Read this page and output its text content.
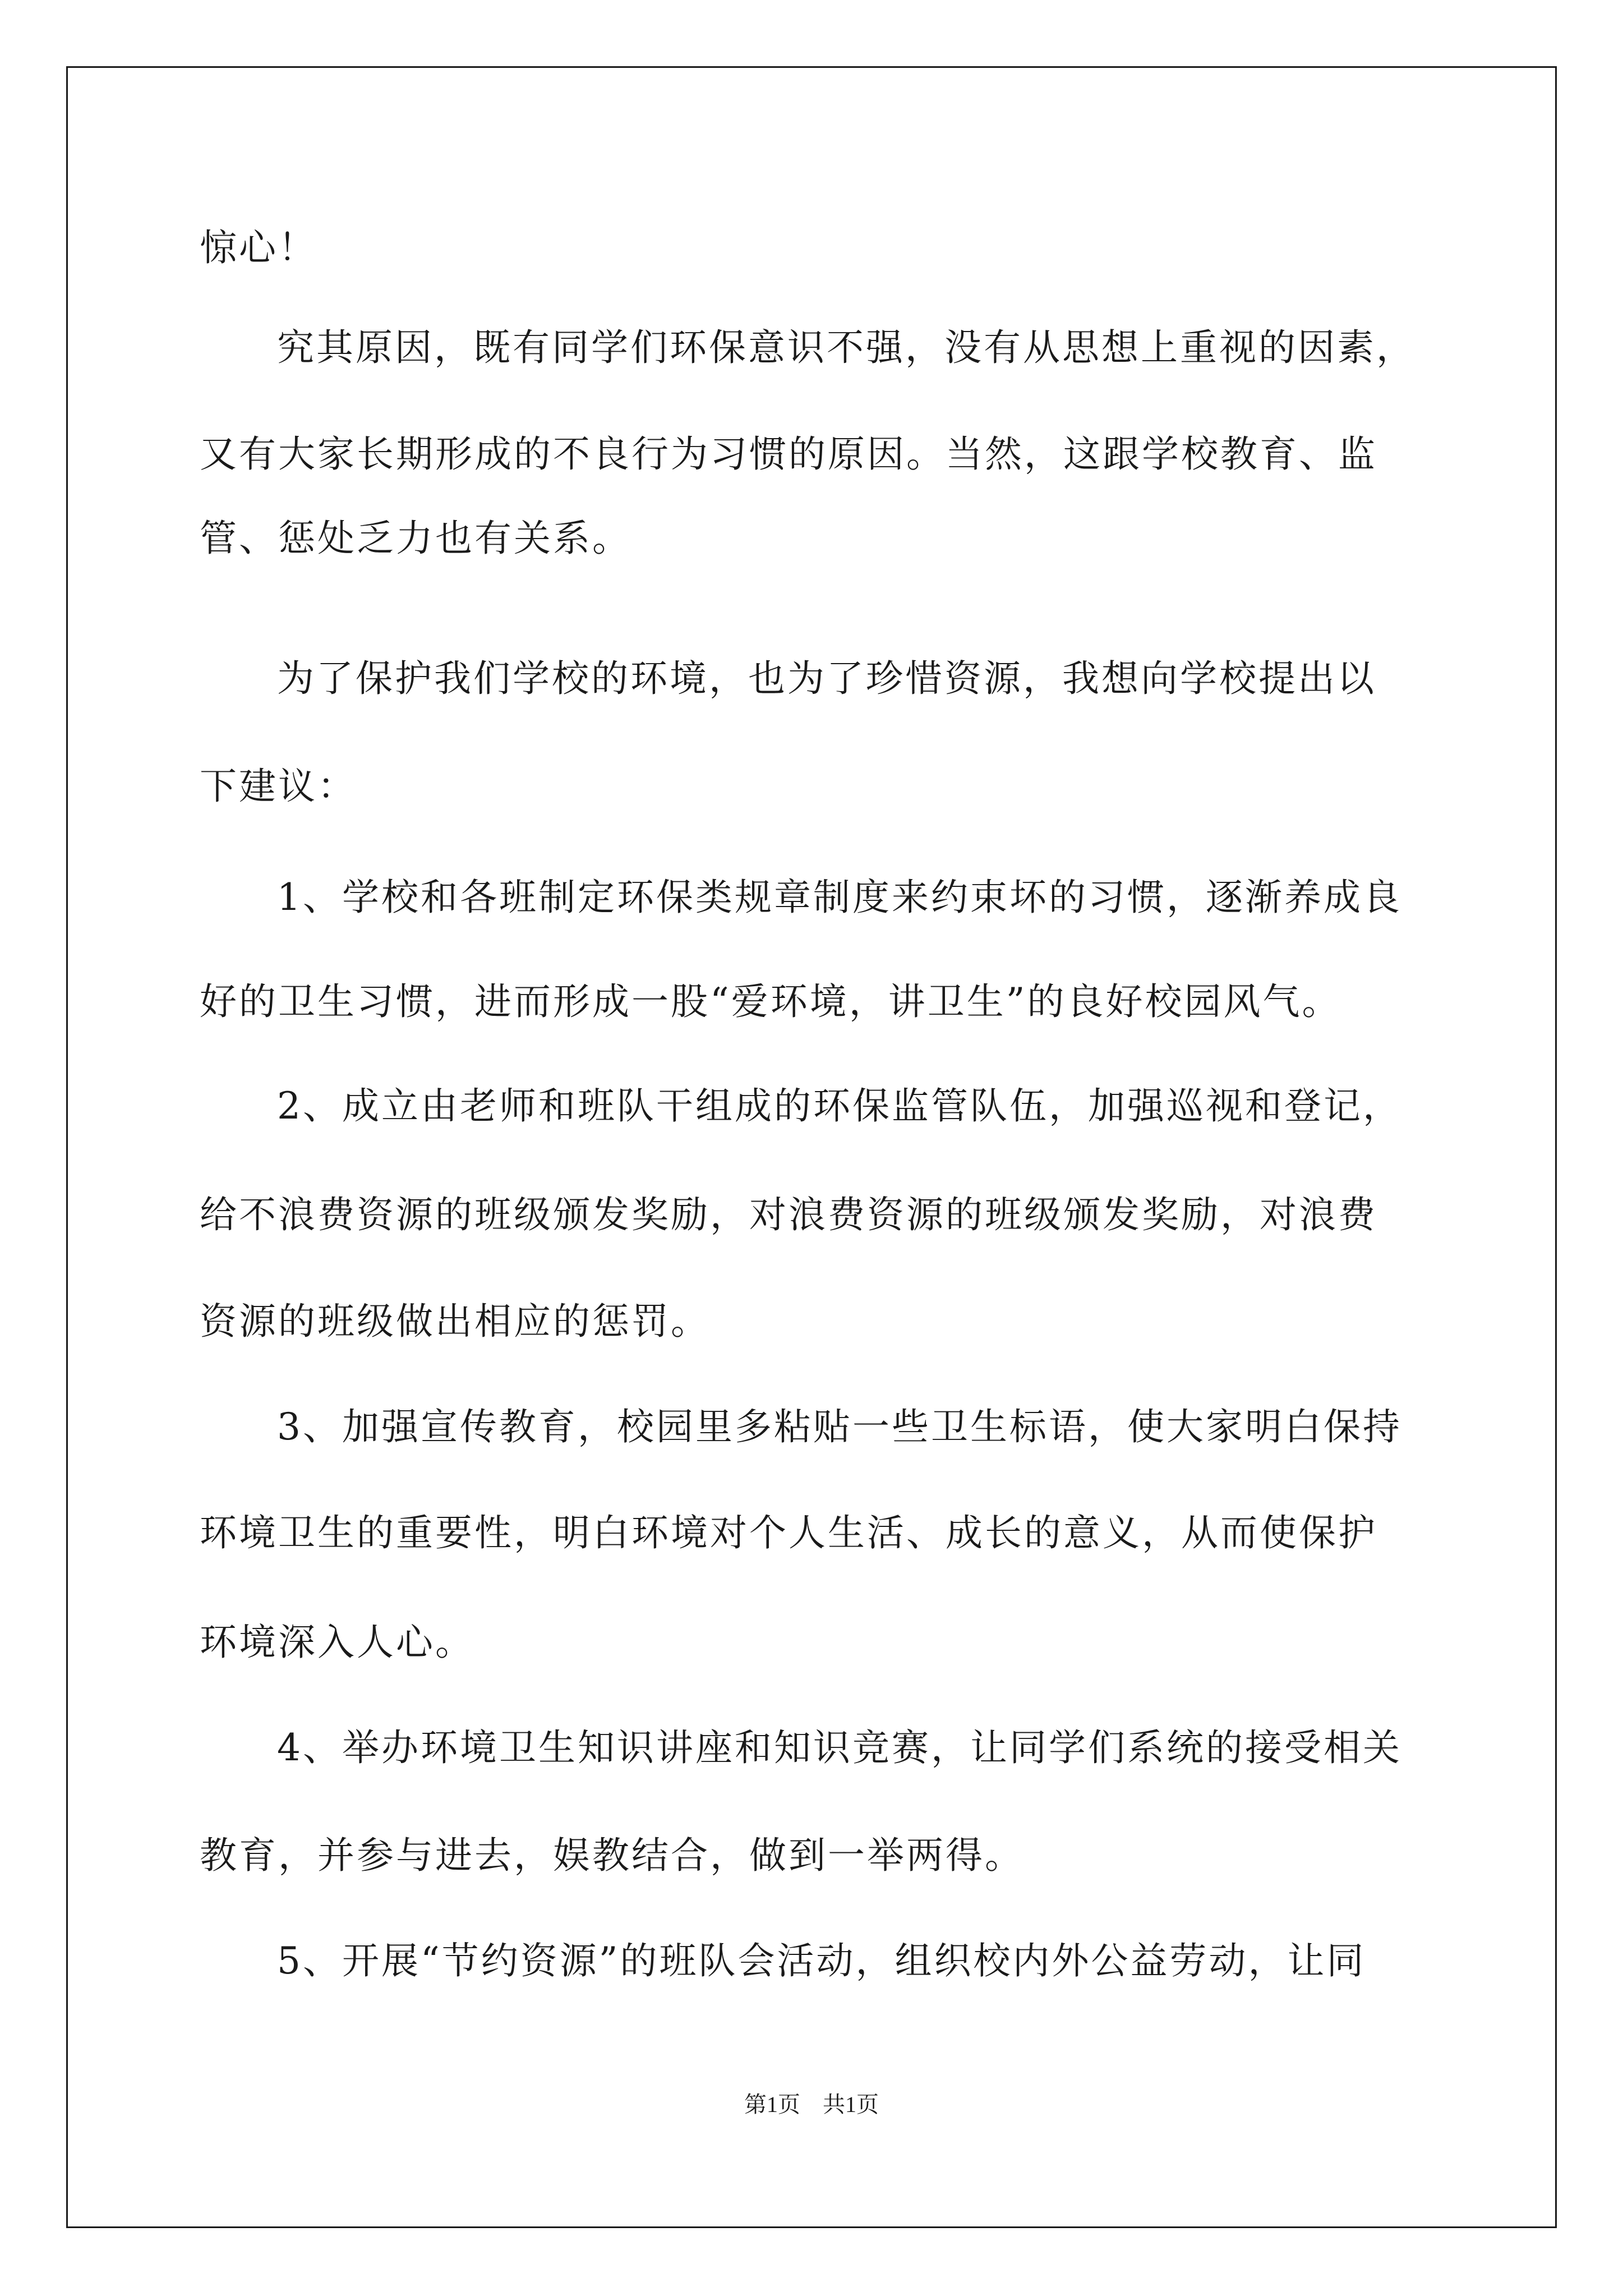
惊心！
究其原因，既有同学们环保意识不强，没有从思想上重视的因素，
又有大家长期形成的不良行为习惯的原因。当然，这跟学校教育、监
管、惩处乏力也有关系。
为了保护我们学校的环境，也为了珍惜资源，我想向学校提出以
下建议：
1、学校和各班制定环保类规章制度来约束坏的习惯，逐渐养成良
好的卫生习惯，进而形成一股“爱环境，讲卫生”的良好校园风气。
2、成立由老师和班队干组成的环保监管队伍，加强巡视和登记，
给不浪费资源的班级颁发奖励，对浪费资源的班级颁发奖励，对浪费
资源的班级做出相应的惩罚。
3、加强宣传教育，校园里多粘贴一些卫生标语，使大家明白保持
环境卫生的重要性，明白环境对个人生活、成长的意义，从而使保护
环境深入人心。
4、举办环境卫生知识讲座和知识竞赛，让同学们系统的接受相关
教育，并参与进去，娱教结合，做到一举两得。
5、开展“节约资源”的班队会活动，组织校内外公益劳动，让同
第1页 共1页
